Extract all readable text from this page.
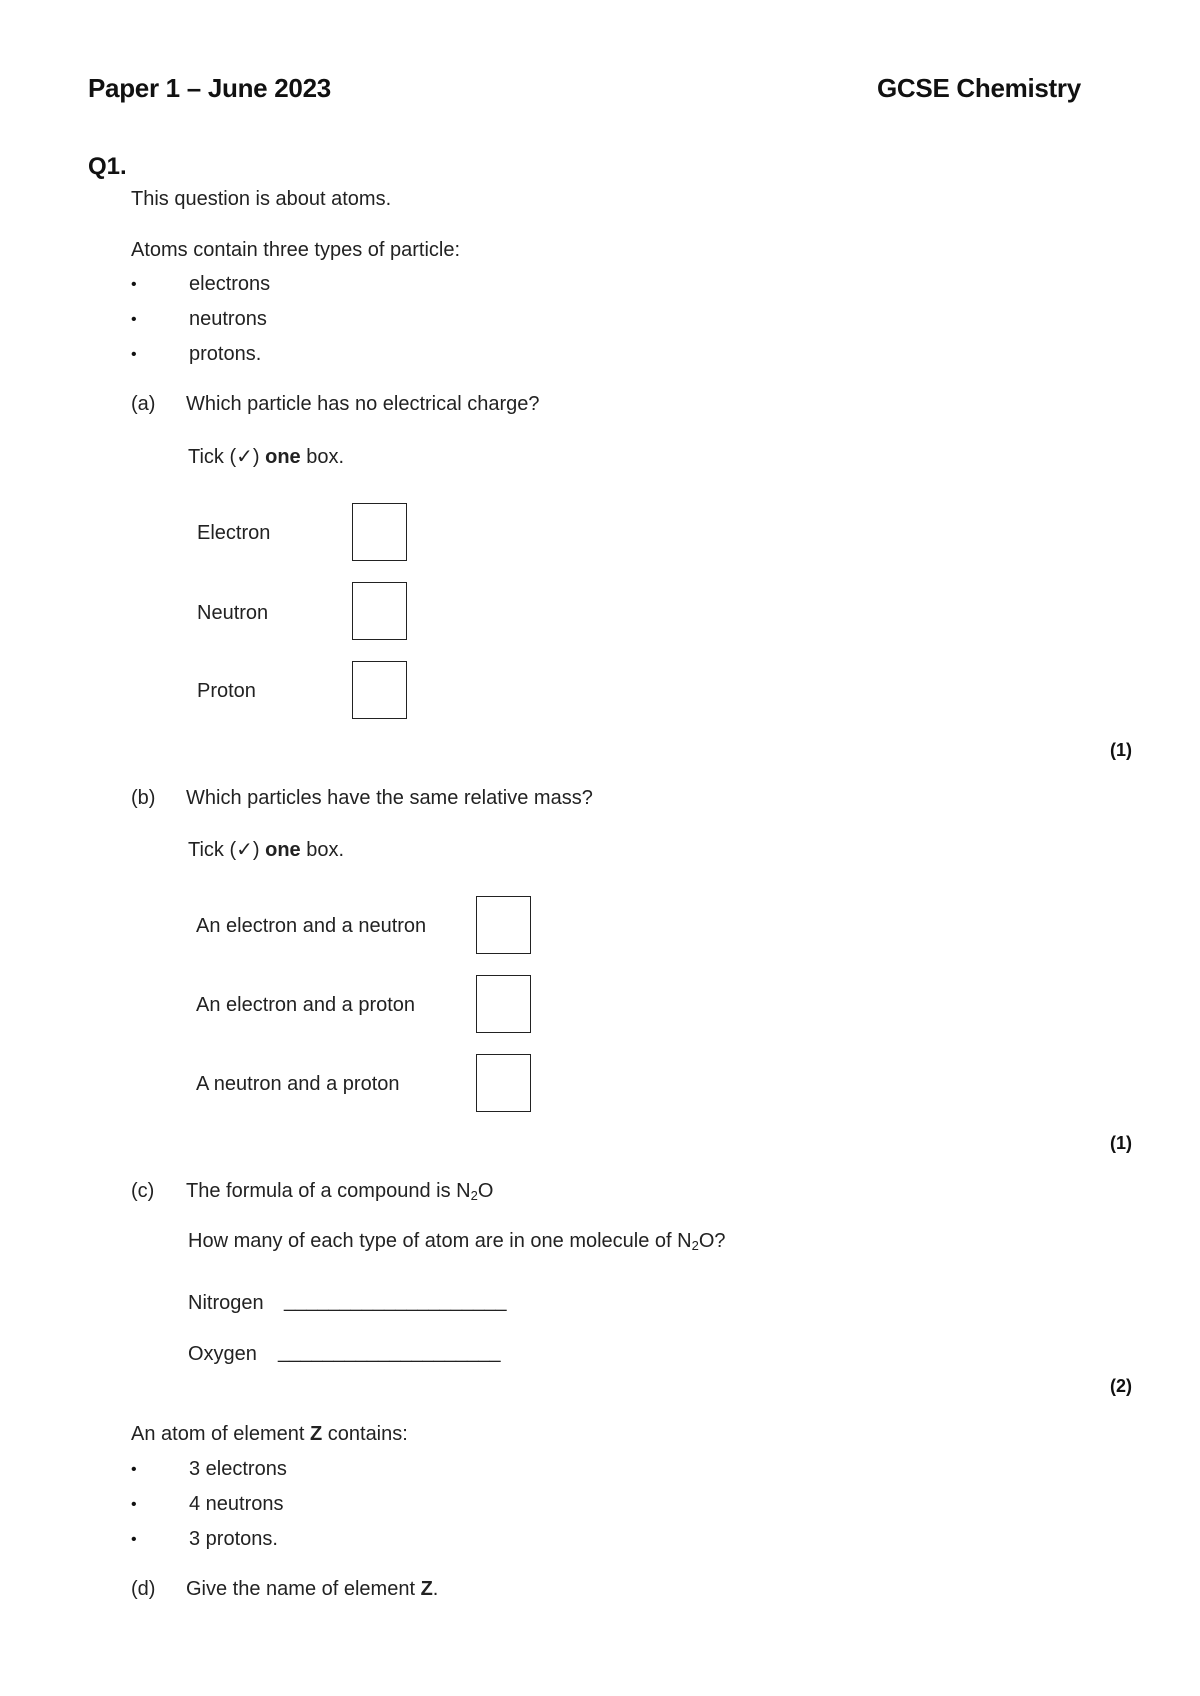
Paper 1 – June 2023	GCSE Chemistry
Q1.
This question is about atoms.
Atoms contain three types of particle:
•	electrons
•	neutrons
•	protons.
(a) Which particle has no electrical charge?
Tick (✓) one box.
Electron
Neutron
Proton
(1)
(b) Which particles have the same relative mass?
Tick (✓) one box.
An electron and a neutron
An electron and a proton
A neutron and a proton
(1)
(c) The formula of a compound is $N_2O$
How many of each type of atom are in one molecule of $N_2O$?
Nitrogen ____________________
Oxygen ____________________
(2)
An atom of element Z contains:
•	3 electrons
•	4 neutrons
•	3 protons.
(d) Give the name of element Z.
